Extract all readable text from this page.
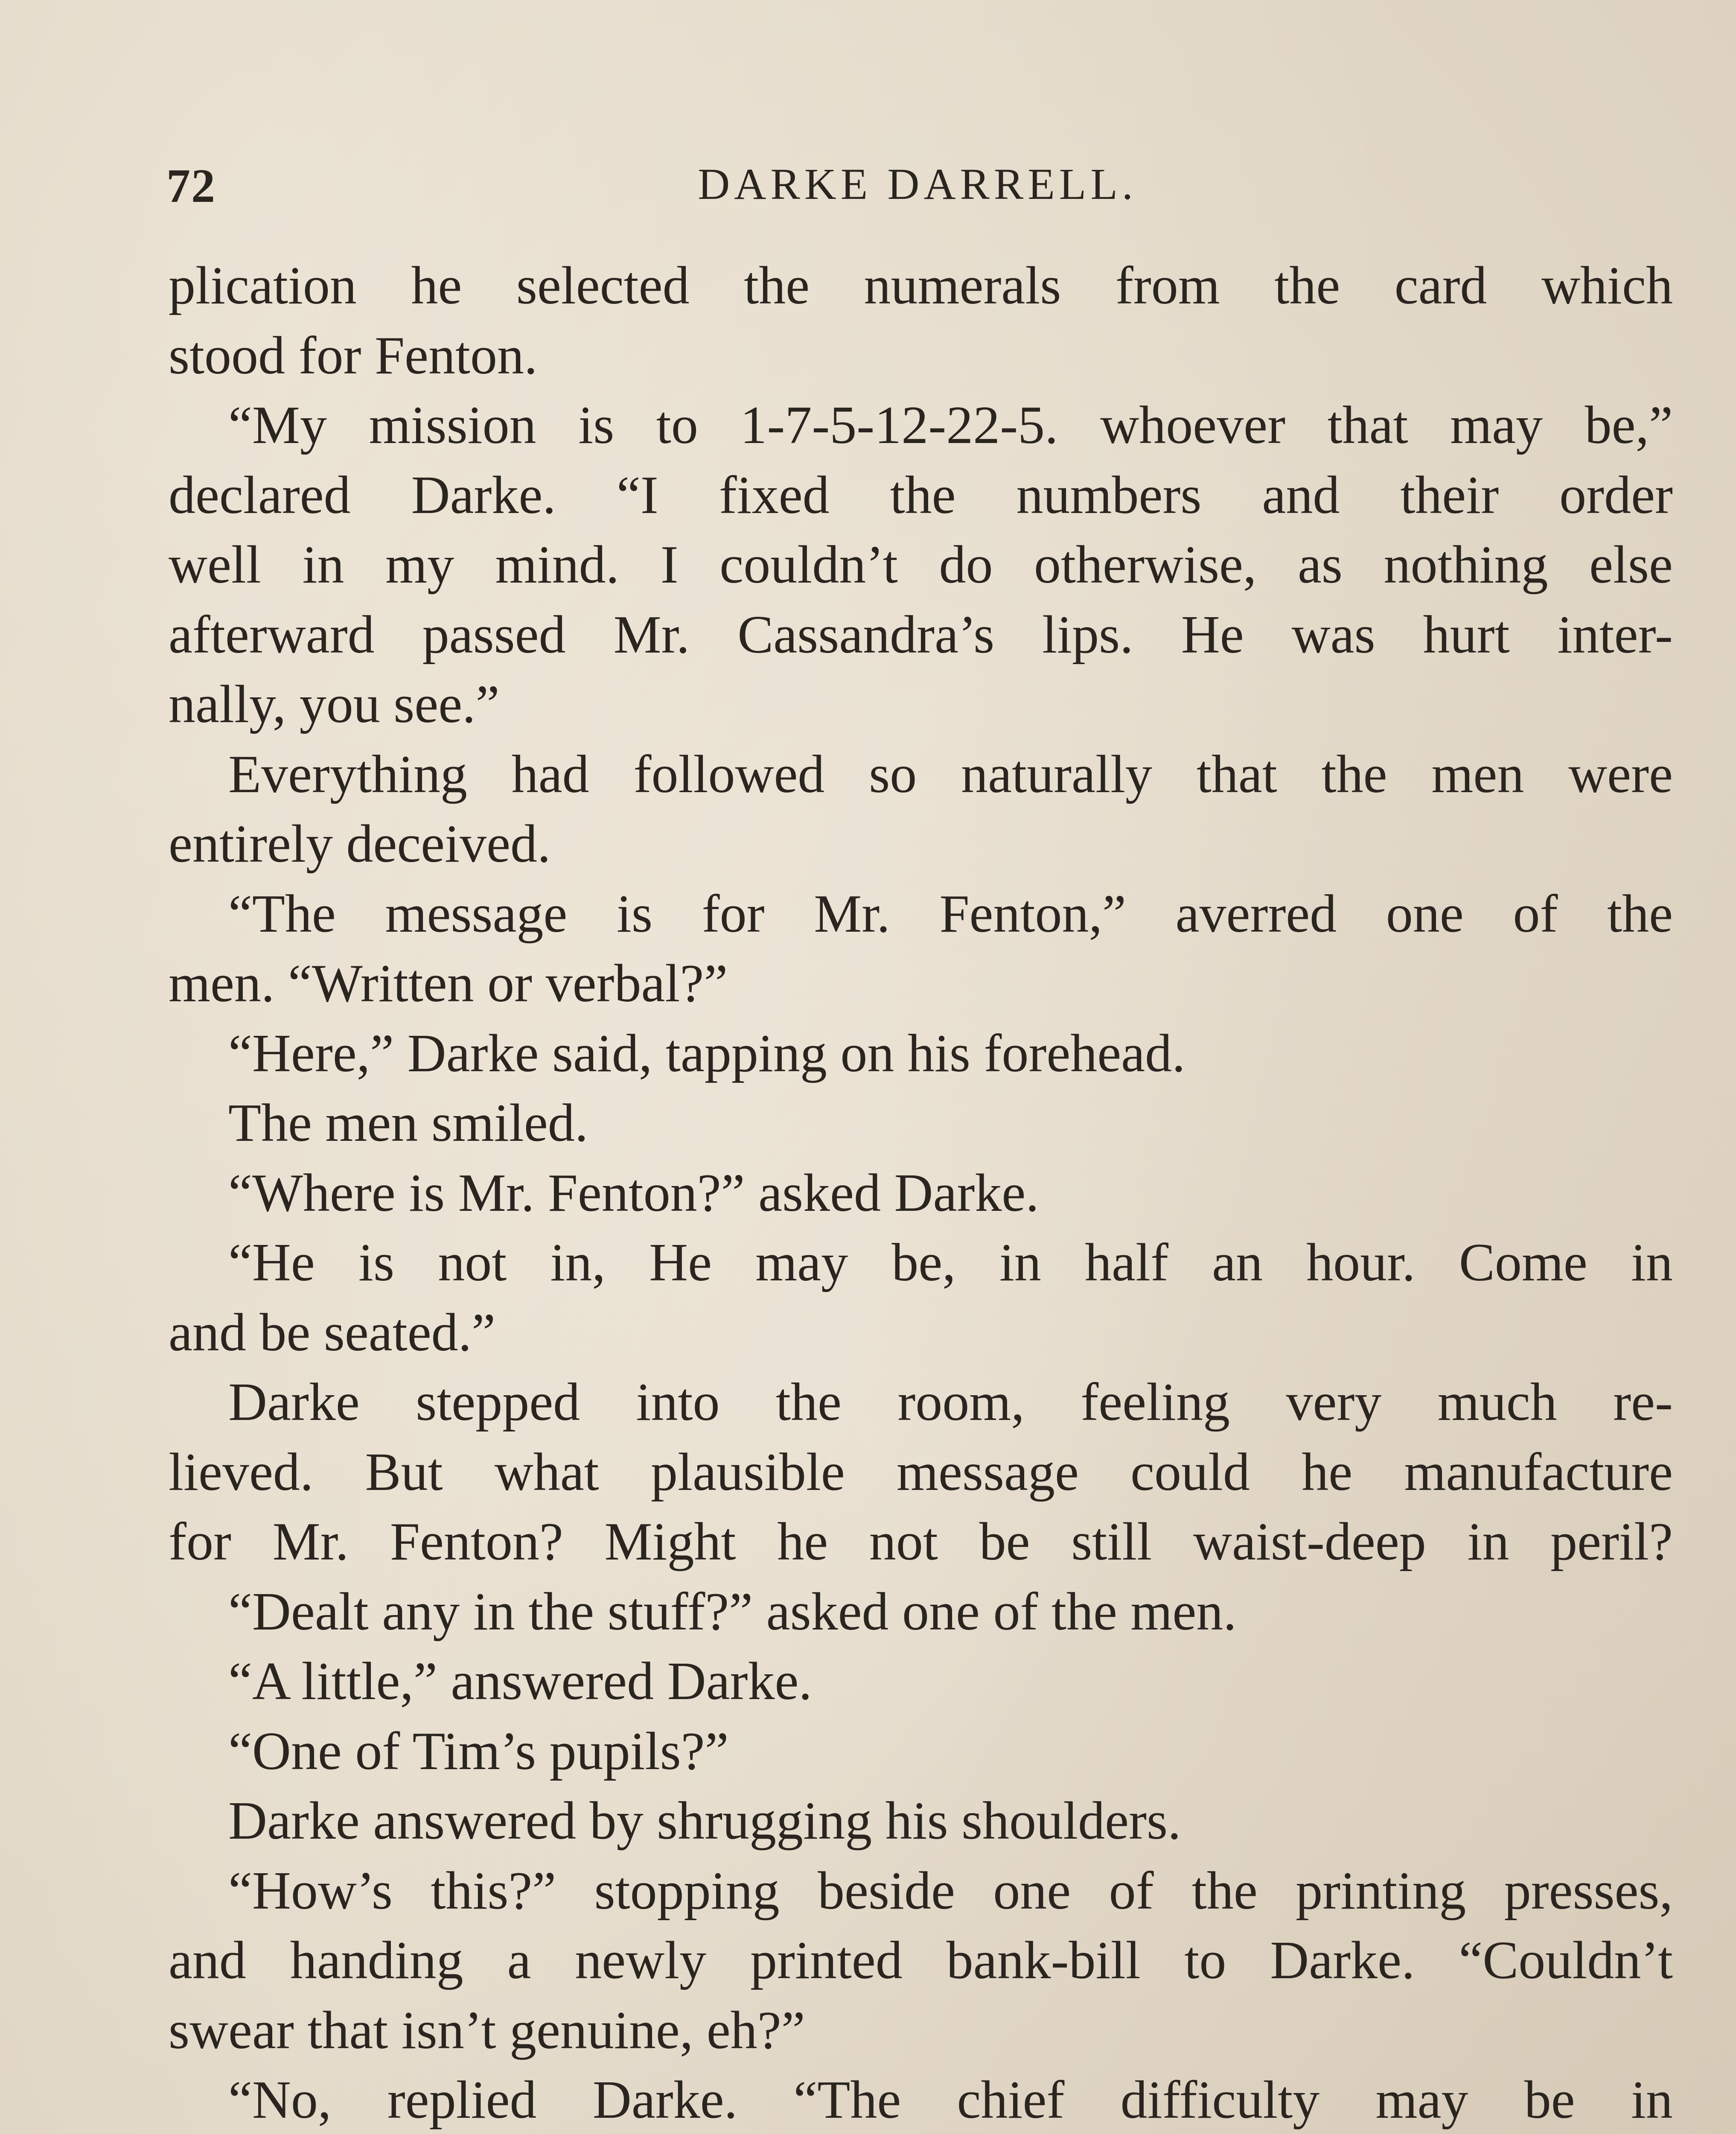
72	DARKE DARRELL.
plication he selected the numerals from the card which
stood for Fenton.
“My mission is to 1-7-5-12-22-5. whoever that may be,”
declared Darke. “I fixed the numbers and their order
well in my mind. I couldn’t do otherwise, as nothing else
afterward passed Mr. Cassandra’s lips. He was hurt inter-
nally, you see.”
Everything had followed so naturally that the men were
entirely deceived.
“The message is for Mr. Fenton,” averred one of the
men. “Written or verbal?”
“Here,” Darke said, tapping on his forehead.
The men smiled.
“Where is Mr. Fenton?” asked Darke.
“He is not in, He may be, in half an hour. Come in
and be seated.”
Darke stepped into the room, feeling very much re-
lieved. But what plausible message could he manufacture
for Mr. Fenton? Might he not be still waist-deep in peril?
“Dealt any in the stuff?” asked one of the men.
“A little,” answered Darke.
“One of Tim’s pupils?”
Darke answered by shrugging his shoulders.
“How’s this?” stopping beside one of the printing presses,
and handing a newly printed bank-bill to Darke. “Couldn’t
swear that isn’t genuine, eh?”
“No, replied Darke. “The chief difficulty may be in
